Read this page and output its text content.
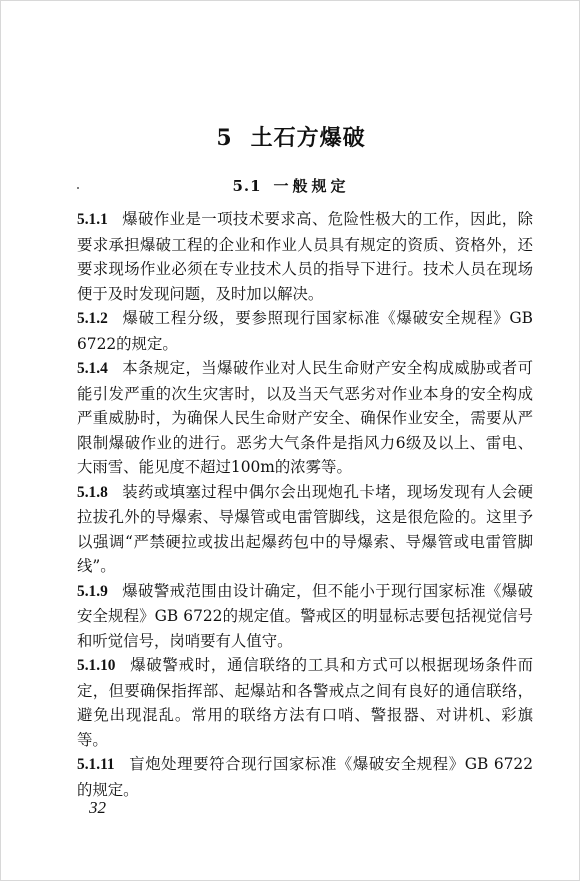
5 土石方爆破
5.1 一般规定

5.1.1 爆破作业是一项技术要求高、危险性极大的工作，因此，除要求承担爆破工程的企业和作业人员具有规定的资质、资格外，还要求现场作业必须在专业技术人员的指导下进行。技术人员在现场便于及时发现问题，及时加以解决。

5.1.2 爆破工程分级，要参照现行国家标准《爆破安全规程》GB 6722的规定。

5.1.4 本条规定，当爆破作业对人民生命财产安全构成威胁或者可能引发严重的次生灾害时，以及当天气恶劣对作业本身的安全构成严重威胁时，为确保人民生命财产安全、确保作业安全，需要从严限制爆破作业的进行。恶劣大气条件是指风力6级及以上、雷电、大雨雪、能见度不超过100m的浓雾等。

5.1.8 装药或填塞过程中偶尔会出现炮孔卡堵，现场发现有人会硬拉拔孔外的导爆索、导爆管或电雷管脚线，这是很危险的。这里予以强调“严禁硬拉或拔出起爆药包中的导爆索、导爆管或电雷管脚线”。

5.1.9 爆破警戒范围由设计确定，但不能小于现行国家标准《爆破安全规程》GB 6722的规定值。警戒区的明显标志要包括视觉信号和听觉信号，岗哨要有人值守。

5.1.10 爆破警戒时，通信联络的工具和方式可以根据现场条件而定，但要确保指挥部、起爆站和各警戒点之间有良好的通信联络，避免出现混乱。常用的联络方法有口哨、警报器、对讲机、彩旗等。

5.1.11 盲炮处理要符合现行国家标准《爆破安全规程》GB 6722的规定。

32
